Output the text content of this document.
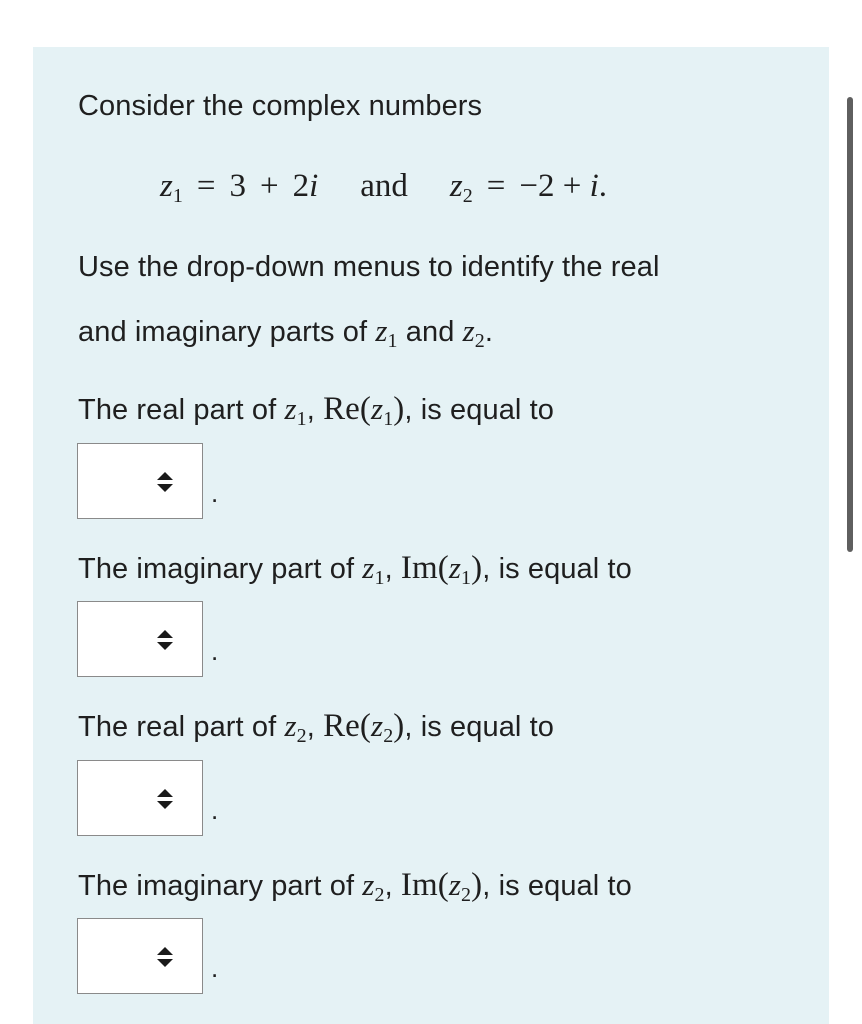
Consider the complex numbers
z1 = 3 + 2i and z2 = −2 + i.
Use the drop-down menus to identify the real
and imaginary parts of $z_1$ and $z_2$.
The real part of $z_1$, $Re(z_1)$, is equal to
.
The imaginary part of $z_1$, $Im(z_1)$, is equal to
.
The real part of $z_2$, $Re(z_2)$, is equal to
.
The imaginary part of $z_2$, $Im(z_2)$, is equal to
.
